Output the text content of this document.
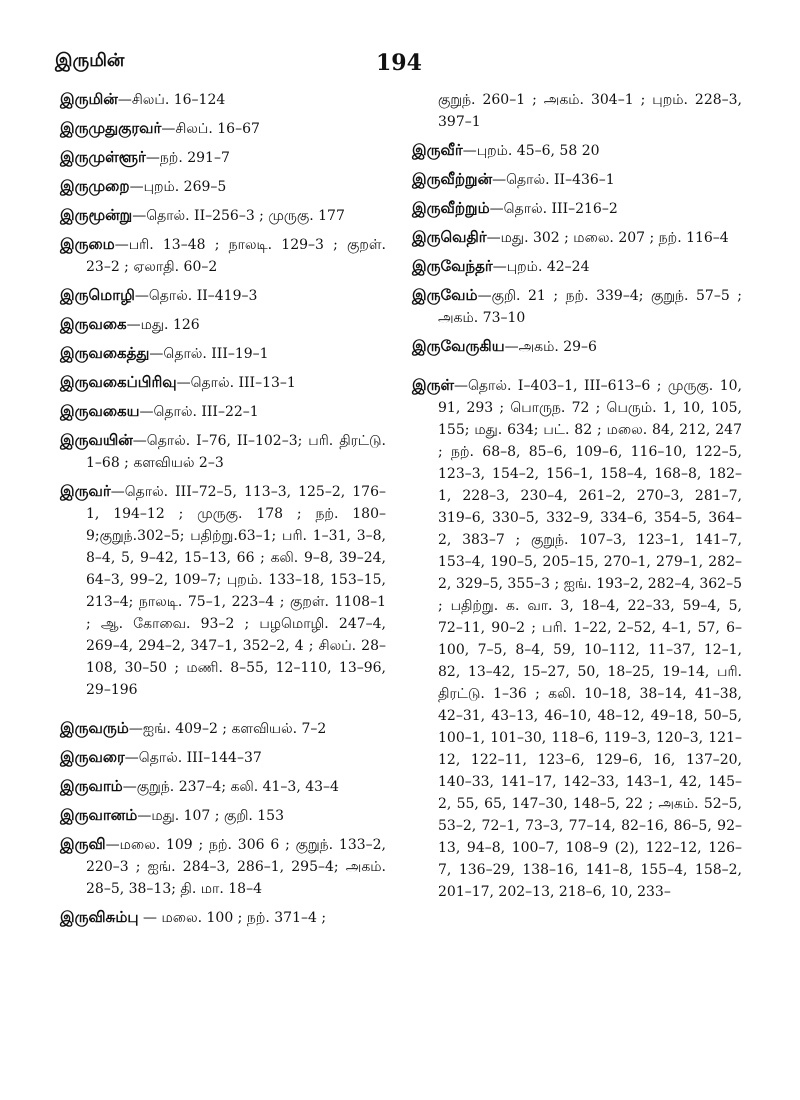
இருமின்	194
இருமின்—சிலப். 16–124
இருமுதுகுரவர்—சிலப். 16–67
இருமுள்ளூர்—நற். 291–7
இருமுறை—புறம். 269–5
இருமூன்று—தொல். II–256–3 ; முருகு. 177
இருமை—பரி. 13–48 ; நாலடி. 129–3 ; குறள். 23–2 ; ஏலாதி. 60–2
இருமொழி—தொல். II–419–3
இருவகை—மது. 126
இருவகைத்து—தொல். III–19–1
இருவகைப்பிரிவு—தொல். III–13–1
இருவகைய—தொல். III–22–1
இருவயின்—தொல். I–76, II–102–3; பரி. திரட்டு. 1–68 ; களவியல் 2–3
இருவர்—தொல். III–72–5, 113–3, 125–2, 176–1, 194–12 ; முருகு. 178 ; நற். 180–9;குறுந்.302–5; பதிற்று.63–1; பரி. 1–31, 3–8, 8–4, 5, 9–42, 15–13, 66 ; கலி. 9–8, 39–24, 64–3, 99–2, 109–7; புறம். 133–18, 153–15, 213–4; நாலடி. 75–1, 223–4 ; குறள். 1108–1 ; ஆ. கோவை. 93–2 ; பழமொழி. 247–4, 269–4, 294–2, 347–1, 352–2, 4 ; சிலப். 28–108, 30–50 ; மணி. 8–55, 12–110, 13–96, 29–196
இருவரும்—ஐங். 409–2 ; களவியல். 7–2
இருவரை—தொல். III–144–37
இருவாம்—குறுந். 237–4; கலி. 41–3, 43–4
இருவானம்—மது. 107 ; குறி. 153
இருவி—மலை. 109 ; நற். 306 6 ; குறுந். 133–2, 220–3 ; ஐங். 284–3, 286–1, 295–4; அகம். 28–5, 38–13; தி. மா. 18–4
இருவிசும்பு — மலை. 100 ; நற். 371–4 ;
குறுந். 260–1 ; அகம். 304–1 ; புறம். 228–3, 397–1
இருவீர்—புறம். 45–6, 58 20
இருவீற்றுன்—தொல். II–436–1
இருவீற்றும்—தொல். III–216–2
இருவெதிர்—மது. 302 ; மலை. 207 ; நற். 116–4
இருவேந்தர்—புறம். 42–24
இருவேம்—குறி. 21 ; நற். 339–4; குறுந். 57–5 ; அகம். 73–10
இருவேருகிய—அகம். 29–6
இருள்—தொல். I–403–1, III–613–6 ; முருகு. 10, 91, 293 ; பொருந. 72 ; பெரும். 1, 10, 105, 155; மது. 634; பட். 82 ; மலை. 84, 212, 247 ; நற். 68–8, 85–6, 109–6, 116–10, 122–5, 123–3, 154–2, 156–1, 158–4, 168–8, 182–1, 228–3, 230–4, 261–2, 270–3, 281–7, 319–6, 330–5, 332–9, 334–6, 354–5, 364–2, 383–7 ; குறுந். 107–3, 123–1, 141–7, 153–4, 190–5, 205–15, 270–1, 279–1, 282–2, 329–5, 355–3 ; ஐங். 193–2, 282–4, 362–5 ; பதிற்று. க. வா. 3, 18–4, 22–33, 59–4, 5, 72–11, 90–2 ; பரி. 1–22, 2–52, 4–1, 57, 6–100, 7–5, 8–4, 59, 10–112, 11–37, 12–1, 82, 13–42, 15–27, 50, 18–25, 19–14, பரி. திரட்டு. 1–36 ; கலி. 10–18, 38–14, 41–38, 42–31, 43–13, 46–10, 48–12, 49–18, 50–5, 100–1, 101–30, 118–6, 119–3, 120–3, 121–12, 122–11, 123–6, 129–6, 16, 137–20, 140–33, 141–17, 142–33, 143–1, 42, 145–2, 55, 65, 147–30, 148–5, 22 ; அகம். 52–5, 53–2, 72–1, 73–3, 77–14, 82–16, 86–5, 92–13, 94–8, 100–7, 108–9 (2), 122–12, 126–7, 136–29, 138–16, 141–8, 155–4, 158–2, 201–17, 202–13, 218–6, 10, 233–
